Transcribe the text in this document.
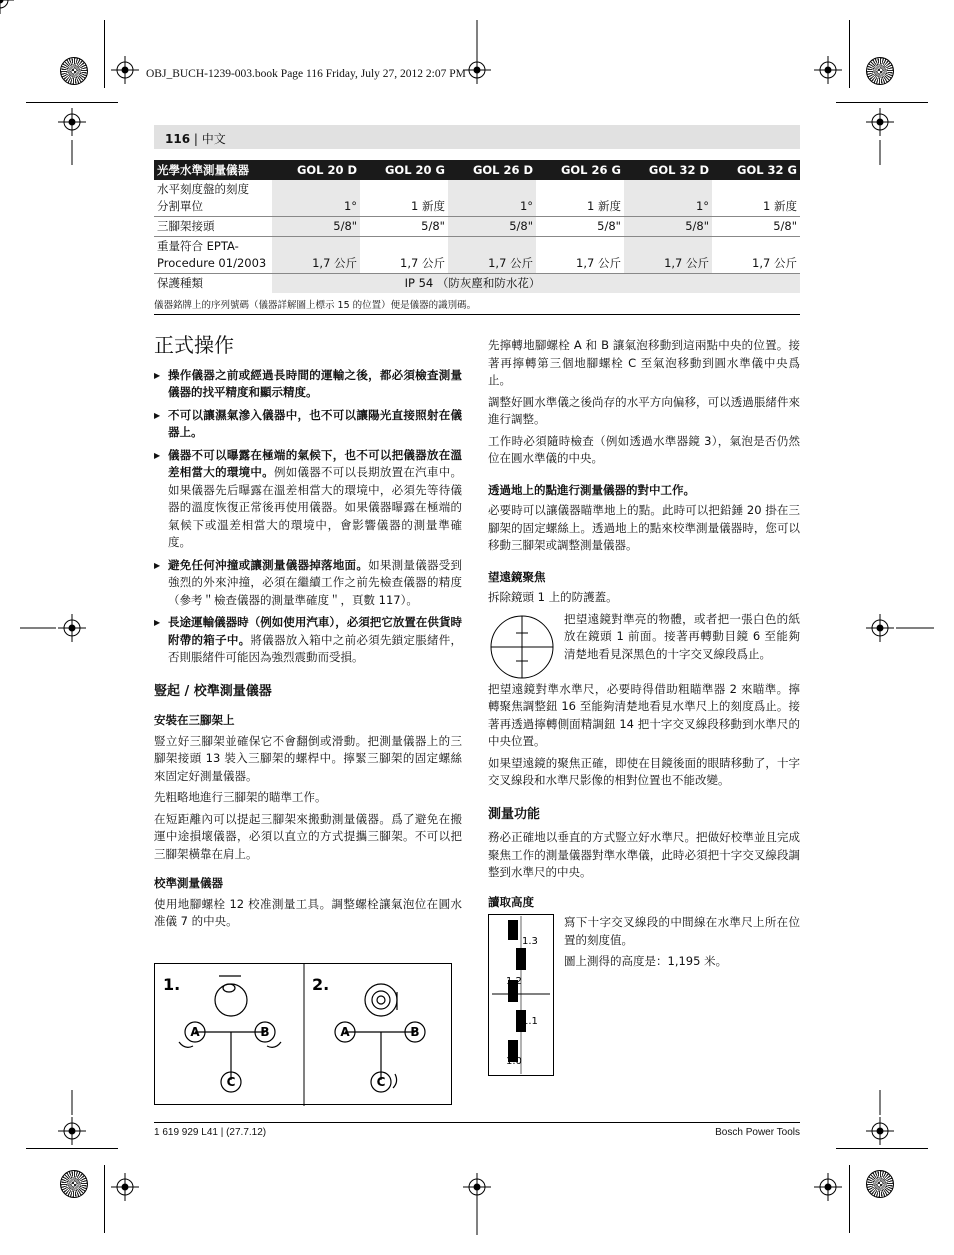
OBJ_BUCH-1239-003.book Page 116 Friday, July 27, 2012 2:07 PM
116 | 中文
光學水準測量儀器	GOL 20 D	GOL 20 G	GOL 26 D	GOL 26 G	GOL 32 D	GOL 32 G
水平刻度盤的刻度
分割單位	1°	1 新度	1°	1 新度	1°	1 新度
三腳架接頭	5/8"	5/8"	5/8"	5/8"	5/8"	5/8"
重量符合 EPTA-
Procedure 01/2003	1,7 公斤	1,7 公斤	1,7 公斤	1,7 公斤	1,7 公斤	1,7 公斤
保護種類	IP 54 （防灰塵和防水花）					
儀器銘牌上的序列號碼（儀器詳解圖上標示 15 的位置）便是儀器的識別碼。
正式操作
▶ 操作儀器之前或經過長時間的運輸之後，都必須檢查測量儀器的找平精度和顯示精度。
▶ 不可以讓濕氣滲入儀器中，也不可以讓陽光直接照射在儀器上。
▶ 儀器不可以曝露在極端的氣候下，也不可以把儀器放在溫差相當大的環境中。例如儀器不可以長期放置在汽車中。如果儀器先后曝露在溫差相當大的環境中，必須先等待儀器的溫度恢復正常後再使用儀器。如果儀器曝露在極端的氣候下或溫差相當大的環境中，會影響儀器的測量準確度。
▶ 避免任何沖撞或讓測量儀器掉落地面。如果測量儀器受到強烈的外來沖撞，必須在繼續工作之前先檢查儀器的精度（參考＂檢查儀器的測量準確度＂，頁數 117）。
▶ 長途運輸儀器時（例如使用汽車），必須把它放置在供貨時附帶的箱子中。將儀器放入箱中之前必須先鎖定脹緒件，否則脹緒件可能因為強烈震動而受損。
豎起 / 校準測量儀器
安裝在三腳架上

豎立好三腳架並確保它不會翻倒或滑動。把測量儀器上的三腳架接頭 13 裝入三腳架的螺桿中。擰緊三腳架的固定螺絲來固定好測量儀器。

先粗略地進行三腳架的瞄準工作。

在短距離內可以提起三腳架來搬動測量儀器。爲了避免在搬運中途損壞儀器，必須以直立的方式提攜三腳架。不可以把三腳架橫靠在肩上。

校準測量儀器

使用地腳螺栓 12 校准測量工具。調整螺栓讓氣泡位在圓水准儀 7 的中央。

1.	2.
A	B
C
A	B
C

先擰轉地腳螺栓 A 和 B 讓氣泡移動到這兩點中央的位置。接著再擰轉第三個地腳螺栓 C 至氣泡移動到圓水準儀中央爲止。

調整好圓水準儀之後尚存的水平方向偏移，可以透過脹緒件來進行調整。

工作時必須隨時檢查（例如透過水準器鏡 3），氣泡是否仍然位在圓水準儀的中央。

透過地上的點進行測量儀器的對中工作。

必要時可以讓儀器瞄準地上的點。此時可以把鉛錘 20 掛在三腳架的固定螺絲上。透過地上的點來校準測量儀器時，您可以移動三腳架或調整測量儀器。

望遠鏡聚焦

拆除鏡頭 1 上的防護蓋。

把望遠鏡對準亮的物體，或者把一張白色的紙放在鏡頭 1 前面。接著再轉動目鏡 6 至能夠清楚地看見深黑色的十字交叉線段爲止。

把望遠鏡對準水準尺，必要時得借助粗瞄準器 2 來瞄準。擰轉聚焦調整鈕 16 至能夠清楚地看見水準尺上的刻度爲止。接著再透過擰轉側面精調鈕 14 把十字交叉線段移動到水準尺的中央位置。

如果望遠鏡的聚焦正確，即使在目鏡後面的眼睛移動了，十字交叉線段和水準尺影像的相對位置也不能改變。

測量功能

務必正確地以垂直的方式豎立好水準尺。把做好校準並且完成聚焦工作的測量儀器對準水準儀，此時必須把十字交叉線段調整到水準尺的中央。

讀取高度
1.3
1.2
1.1
1.0

寫下十字交叉線段的中間線在水準尺上所在位置的刻度值。

圖上測得的高度是：1,195 米。

1 619 929 L41 | (27.7.12)	Bosch Power Tools
